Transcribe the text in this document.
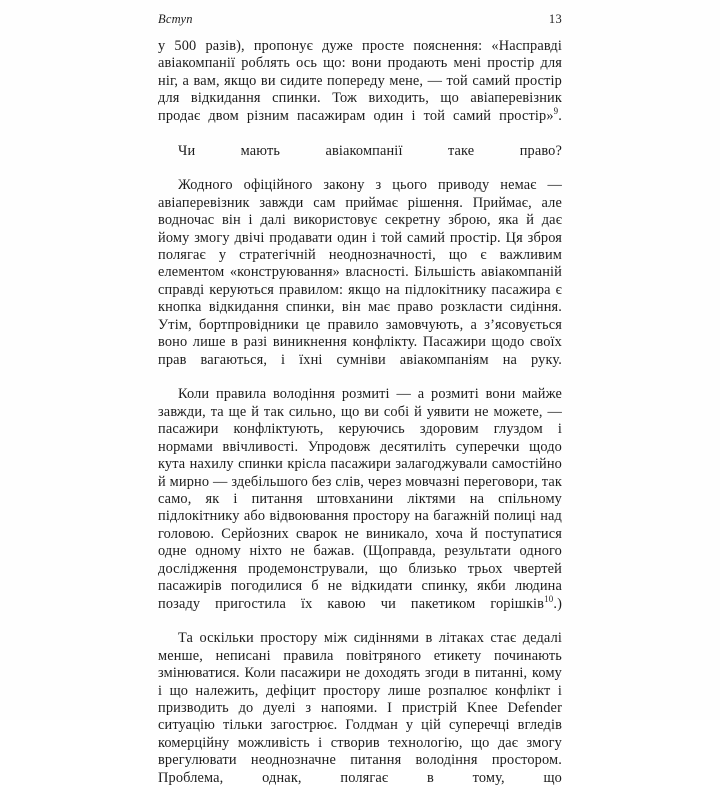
Вступ	13

у 500 разів), пропонує дуже просте пояснення: «Насправді авіакомпанії роблять ось що: вони продають мені простір для ніг, а вам, якщо ви сидите попереду мене, — той самий простір для відкидання спинки. Тож виходить, що авіаперевізник продає двом різним пасажирам один і той самий простір»$^9$.

Чи мають авіакомпанії таке право?

Жодного офіційного закону з цього приводу немає — авіаперевізник завжди сам приймає рішення. Приймає, але водночас він і далі використовує секретну зброю, яка й дає йому змогу двічі продавати один і той самий простір. Ця зброя полягає у стратегічній неоднозначності, що є важливим елементом «конструювання» власності. Більшість авіакомпаній справді керуються правилом: якщо на підлокітнику пасажира є кнопка відкидання спинки, він має право розкласти сидіння. Утім, бортпровідники це правило замовчують, а з’ясовується воно лише в разі виникнення конфлікту. Пасажири щодо своїх прав вагаються, і їхні сумніви авіакомпаніям на руку.

Коли правила володіння розмиті — а розмиті вони майже завжди, та ще й так сильно, що ви собі й уявити не можете, — пасажири конфліктують, керуючись здоровим глуздом і нормами ввічливості. Упродовж десятиліть суперечки щодо кута нахилу спинки крісла пасажири залагоджували самостійно й мирно — здебільшого без слів, через мовчазні переговори, так само, як і питання штовханини ліктями на спільному підлокітнику або відвоювання простору на багажній полиці над головою. Серйозних сварок не виникало, хоча й поступатися одне одному ніхто не бажав. (Щоправда, результати одного дослідження продемонстрували, що близько трьох чвертей пасажирів погодилися б не відкидати спинку, якби людина позаду пригостила їх кавою чи пакетиком горішків$^{10}$.)

Та оскільки простору між сидіннями в літаках стає дедалі менше, неписані правила повітряного етикету починають змінюватися. Коли пасажири не доходять згоди в питанні, кому і що належить, дефіцит простору лише розпалює конфлікт і призводить до дуелі з напоями. І пристрій Knee Defender ситуацію тільки загострює. Голдман у цій суперечці вгледів комерційну можливість і створив технологію, що дає змогу врегулювати неоднозначне питання володіння простором. Проблема, однак, полягає в тому, що
